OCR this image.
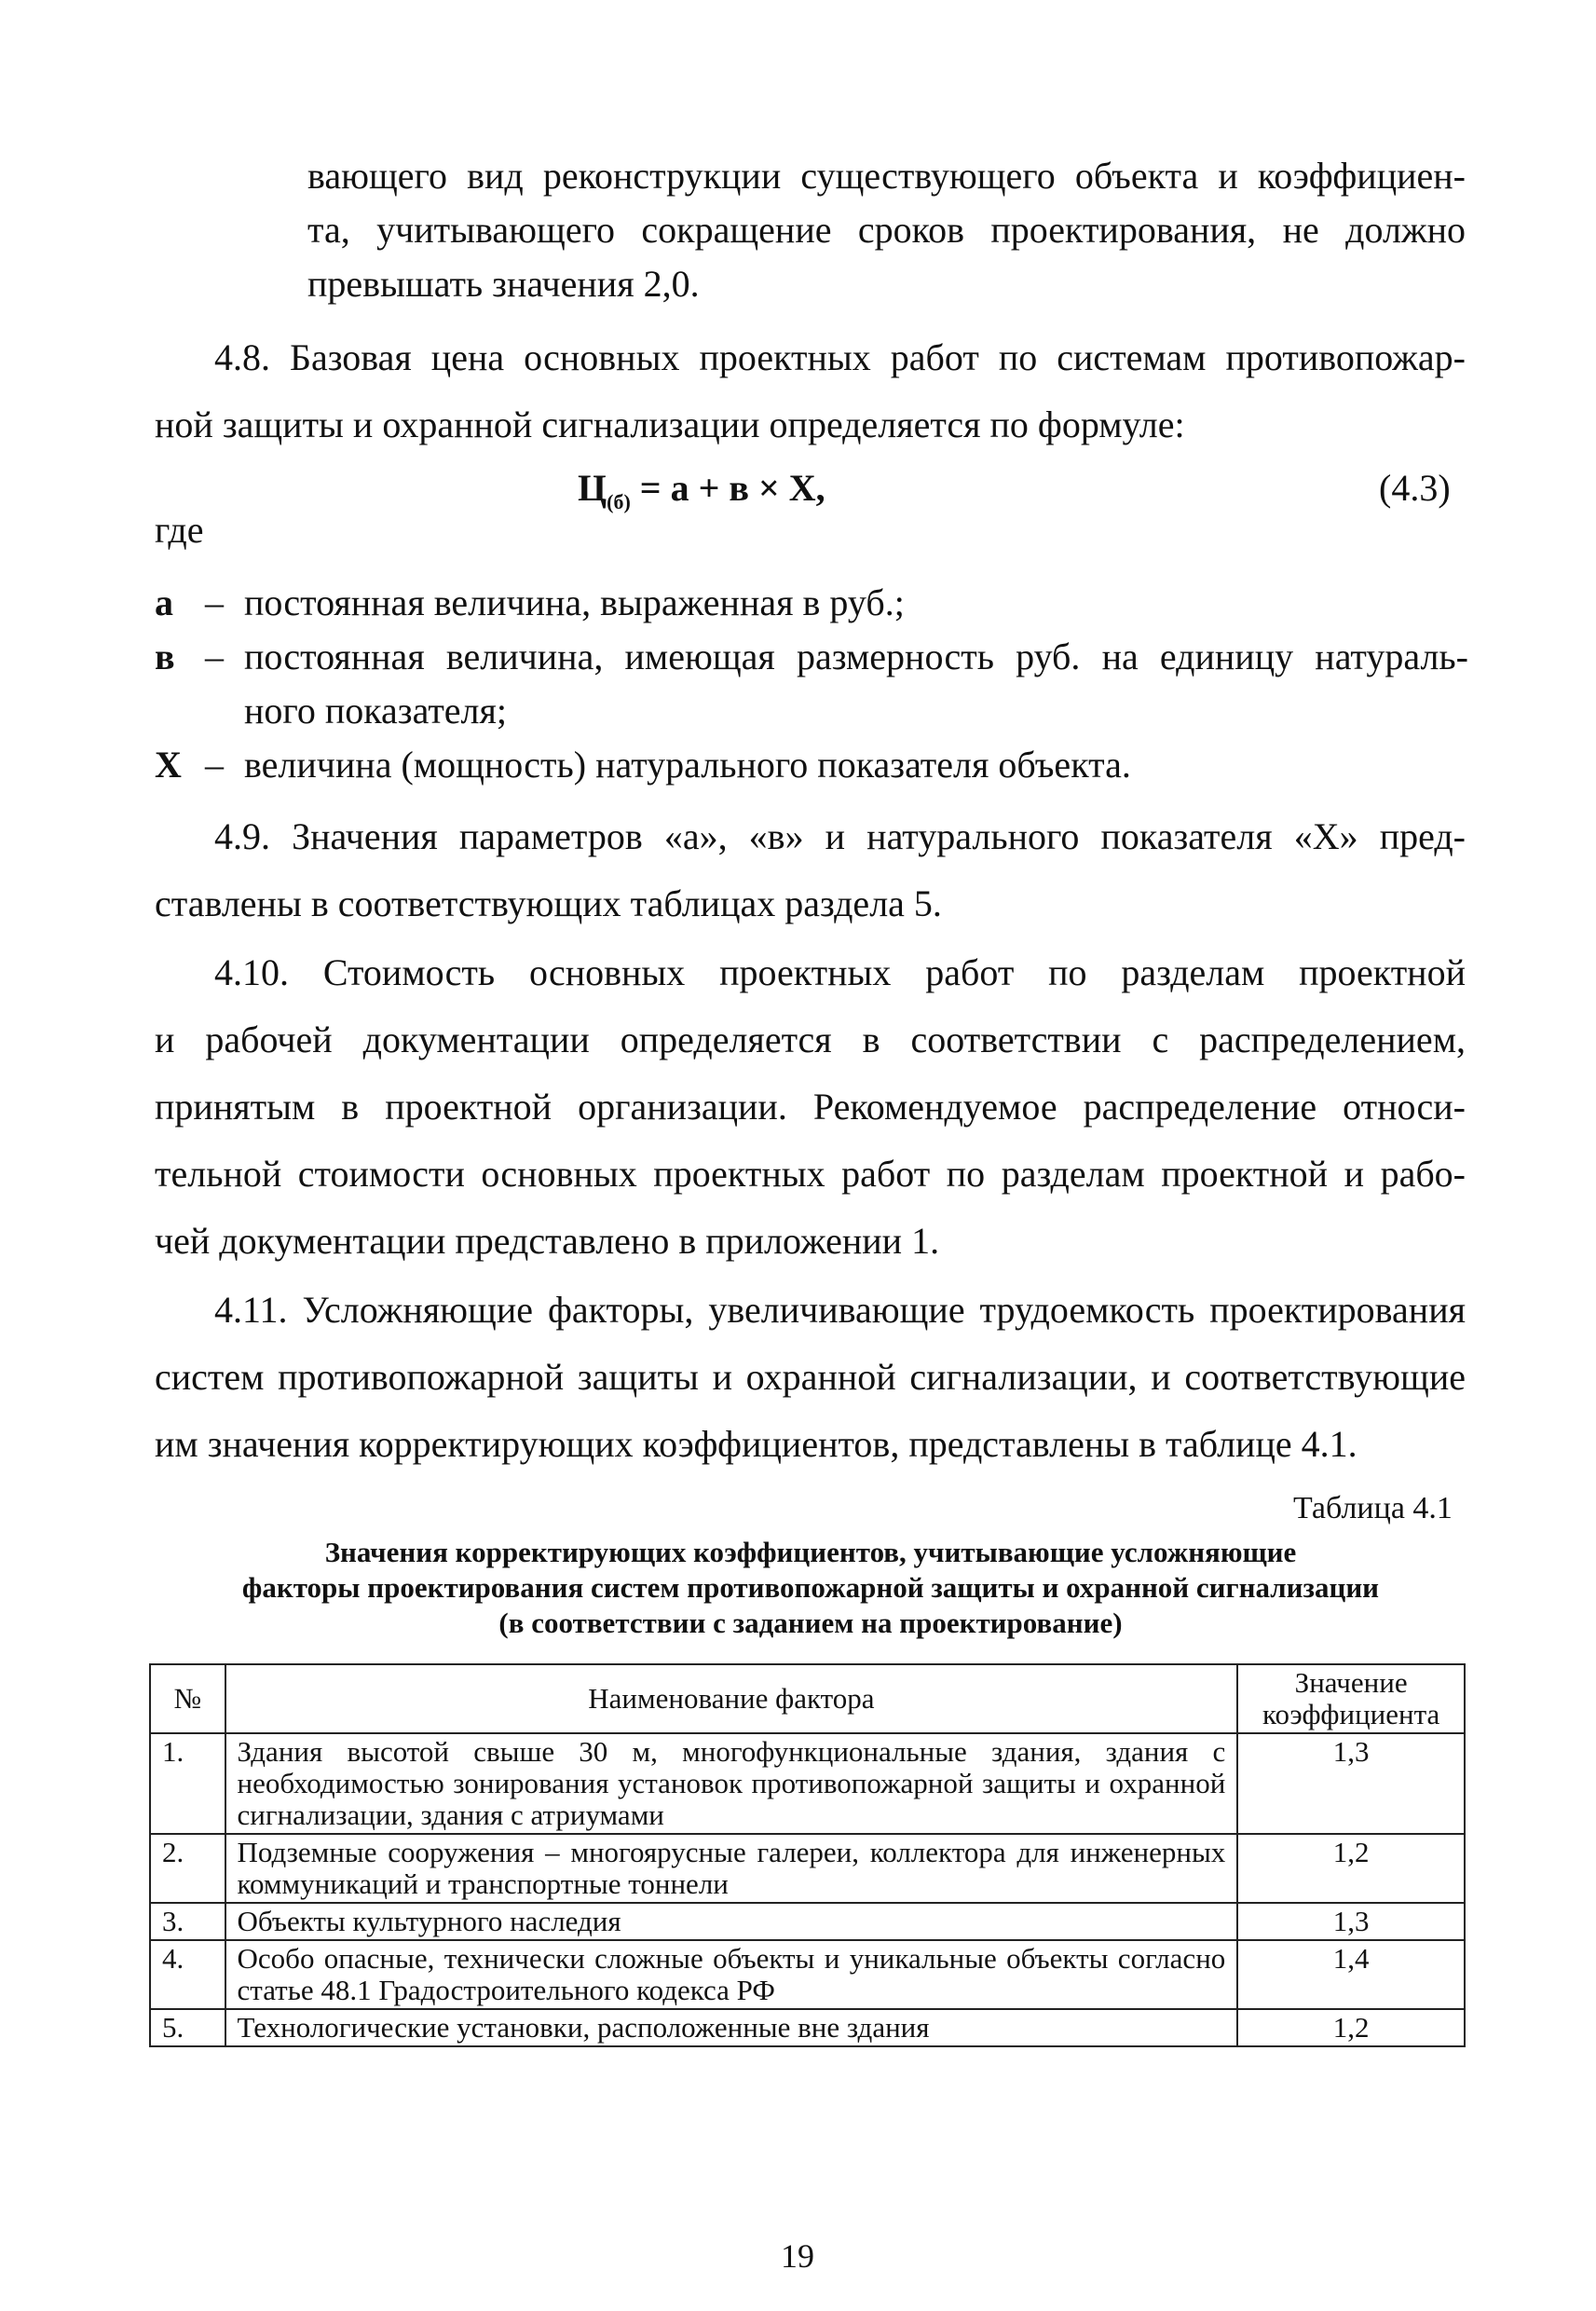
вающего вид реконструкции существующего объекта и коэффициен-
та, учитывающего сокращение сроков проектирования, не должно
превышать значения 2,0.
4.8. Базовая цена основных проектных работ по системам противопожар-
ной защиты и охранной сигнализации определяется по формуле:
$Ц_{(б)} = а + в \times Х$,	(4.3)
где
а – постоянная величина, выраженная в руб.;
в – постоянная величина, имеющая размерность руб. на единицу натураль-
ного показателя;
Х – величина (мощность) натурального показателя объекта.
4.9. Значения параметров «а», «в» и натурального показателя «Х» пред-
ставлены в соответствующих таблицах раздела 5.
4.10. Стоимость основных проектных работ по разделам проектной
и рабочей документации определяется в соответствии с распределением,
принятым в проектной организации. Рекомендуемое распределение относи-
тельной стоимости основных проектных работ по разделам проектной и рабо-
чей документации представлено в приложении 1.
4.11. Усложняющие факторы, увеличивающие трудоемкость проектирования
систем противопожарной защиты и охранной сигнализации, и соответствующие
им значения корректирующих коэффициентов, представлены в таблице 4.1.
Таблица 4.1
Значения корректирующих коэффициентов, учитывающие усложняющие
факторы проектирования систем противопожарной защиты и охранной сигнализации
(в соответствии с заданием на проектирование)
№	Наименование фактора	Значение
коэффициента

1.	Здания высотой свыше 30 м, многофункциональные здания, здания с необходимостью зонирования установок противопожарной защиты и охранной сигнализации, здания с атриумами	1,3
2.	Подземные сооружения – многоярусные галереи, коллектора для инженерных коммуникаций и транспортные тоннели	1,2
3.	Объекты культурного наследия	1,3
4.	Особо опасные, технически сложные объекты и уникальные объекты согласно статье 48.1 Градостроительного кодекса РФ	1,4
5.	Технологические установки, расположенные вне здания	1,2
19
